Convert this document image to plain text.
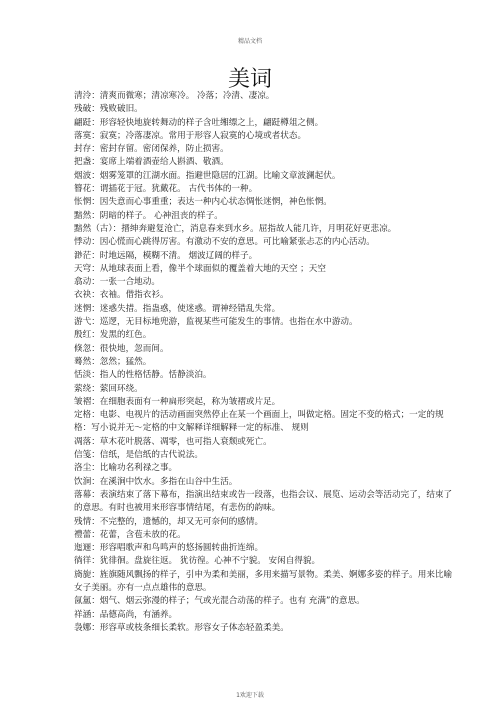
精品文档
美词

清泠：清爽而微寒；清凉寒冷。 冷落；冷清、凄凉。

残破：残败破旧。

翩跹：形容轻快地旋转舞动的样子含吐缃缥之上，翩跹樽俎之侧。

落寞：寂寞；冷落凄凉。常用于形容人寂寞的心境或者状态。

封存：密封存留。密闭保养，防止损害。

把盏：宴席上端着酒壶给人斟酒、敬酒。

烟波：烟雾笼罩的江湖水面。指避世隐居的江湖。比喻文章波澜起伏。

簪花：谓插花于冠。犹戴花。 古代书体的一种。

怅惘：因失意而心事重重；表达一种内心状态惆怅迷惘，神色怅惘。

黯然：阴暗的样子。 心神沮丧的样子。

黯然（古）：搢绅奔避复沧亡，消息春来到水乡。屈指故人能几许，月明花好更悲凉。

悸动：因心慌而心跳得厉害。有激动不安的意思。可比喻紧张忐忑的内心活动。

渺茫：时地远隔，模糊不清。 烟波辽阔的样子。

天穹：从地球表面上看，像半个球面似的覆盖着大地的天空 ；天空

翕动：一张一合地动。

衣袂：衣袖。借指衣衫。

迷惘：迷惑失措。指蛊惑，使迷惑。谓神经错乱失常。

游弋：巡逻，无目标地兜游，监视某些可能发生的事情。也指在水中游动。

殷红：发黑的红色。

倏忽：很快地，忽而间。

蓦然：忽然；猛然。

恬淡：指人的性格恬静。恬静淡泊。

萦绕：萦回环绕。

皱褶：在细胞表面有一种扁形突起，称为皱褶或片足。

定格：电影、电视片的活动画面突然停止在某一个画面上，叫做定格。固定不变的格式；一定的规格：写小说并无～定格的中文解释详细解释一定的标准、 规则

凋落：草木花叶脱落、凋零，也可指人衰颓或死亡。

信笺：信纸，是信纸的古代说法。

洛尘：比喻功名利禄之事。

饮涧：在溪涧中饮水。多指在山谷中生活。

落幕：表演结束了落下幕布，指演出结束或告一段落，也指会议、展览、运动会等活动完了，结束了的意思。有时也被用来形容事情结尾，有悲伤的韵味。

残情：不完整的，遗憾的，却又无可奈何的感情。

禮蕾：花蕾，含苞未放的花。

迤逦：形容唱歌声和鸟鸣声的悠扬圆转曲折连绵。

徜徉：犹徘徊。盘旋往返。 犹彷徨。心神不宁貌。 安闲自得貌。

旖旎：旌旗随风飘扬的样子，引申为柔和美丽，多用来描写景物。柔美、婀娜多姿的样子。用来比喻女子美丽。亦有一点点雄伟的意思。

氤氲：烟气、烟云弥漫的样子；气或光混合动荡的样子。也有 充满”的意思。

祥涵：品德高尚，有涵养。

袅娜：形容草或枝条细长柔软。形容女子体态轻盈柔美。

1欢迎下载
